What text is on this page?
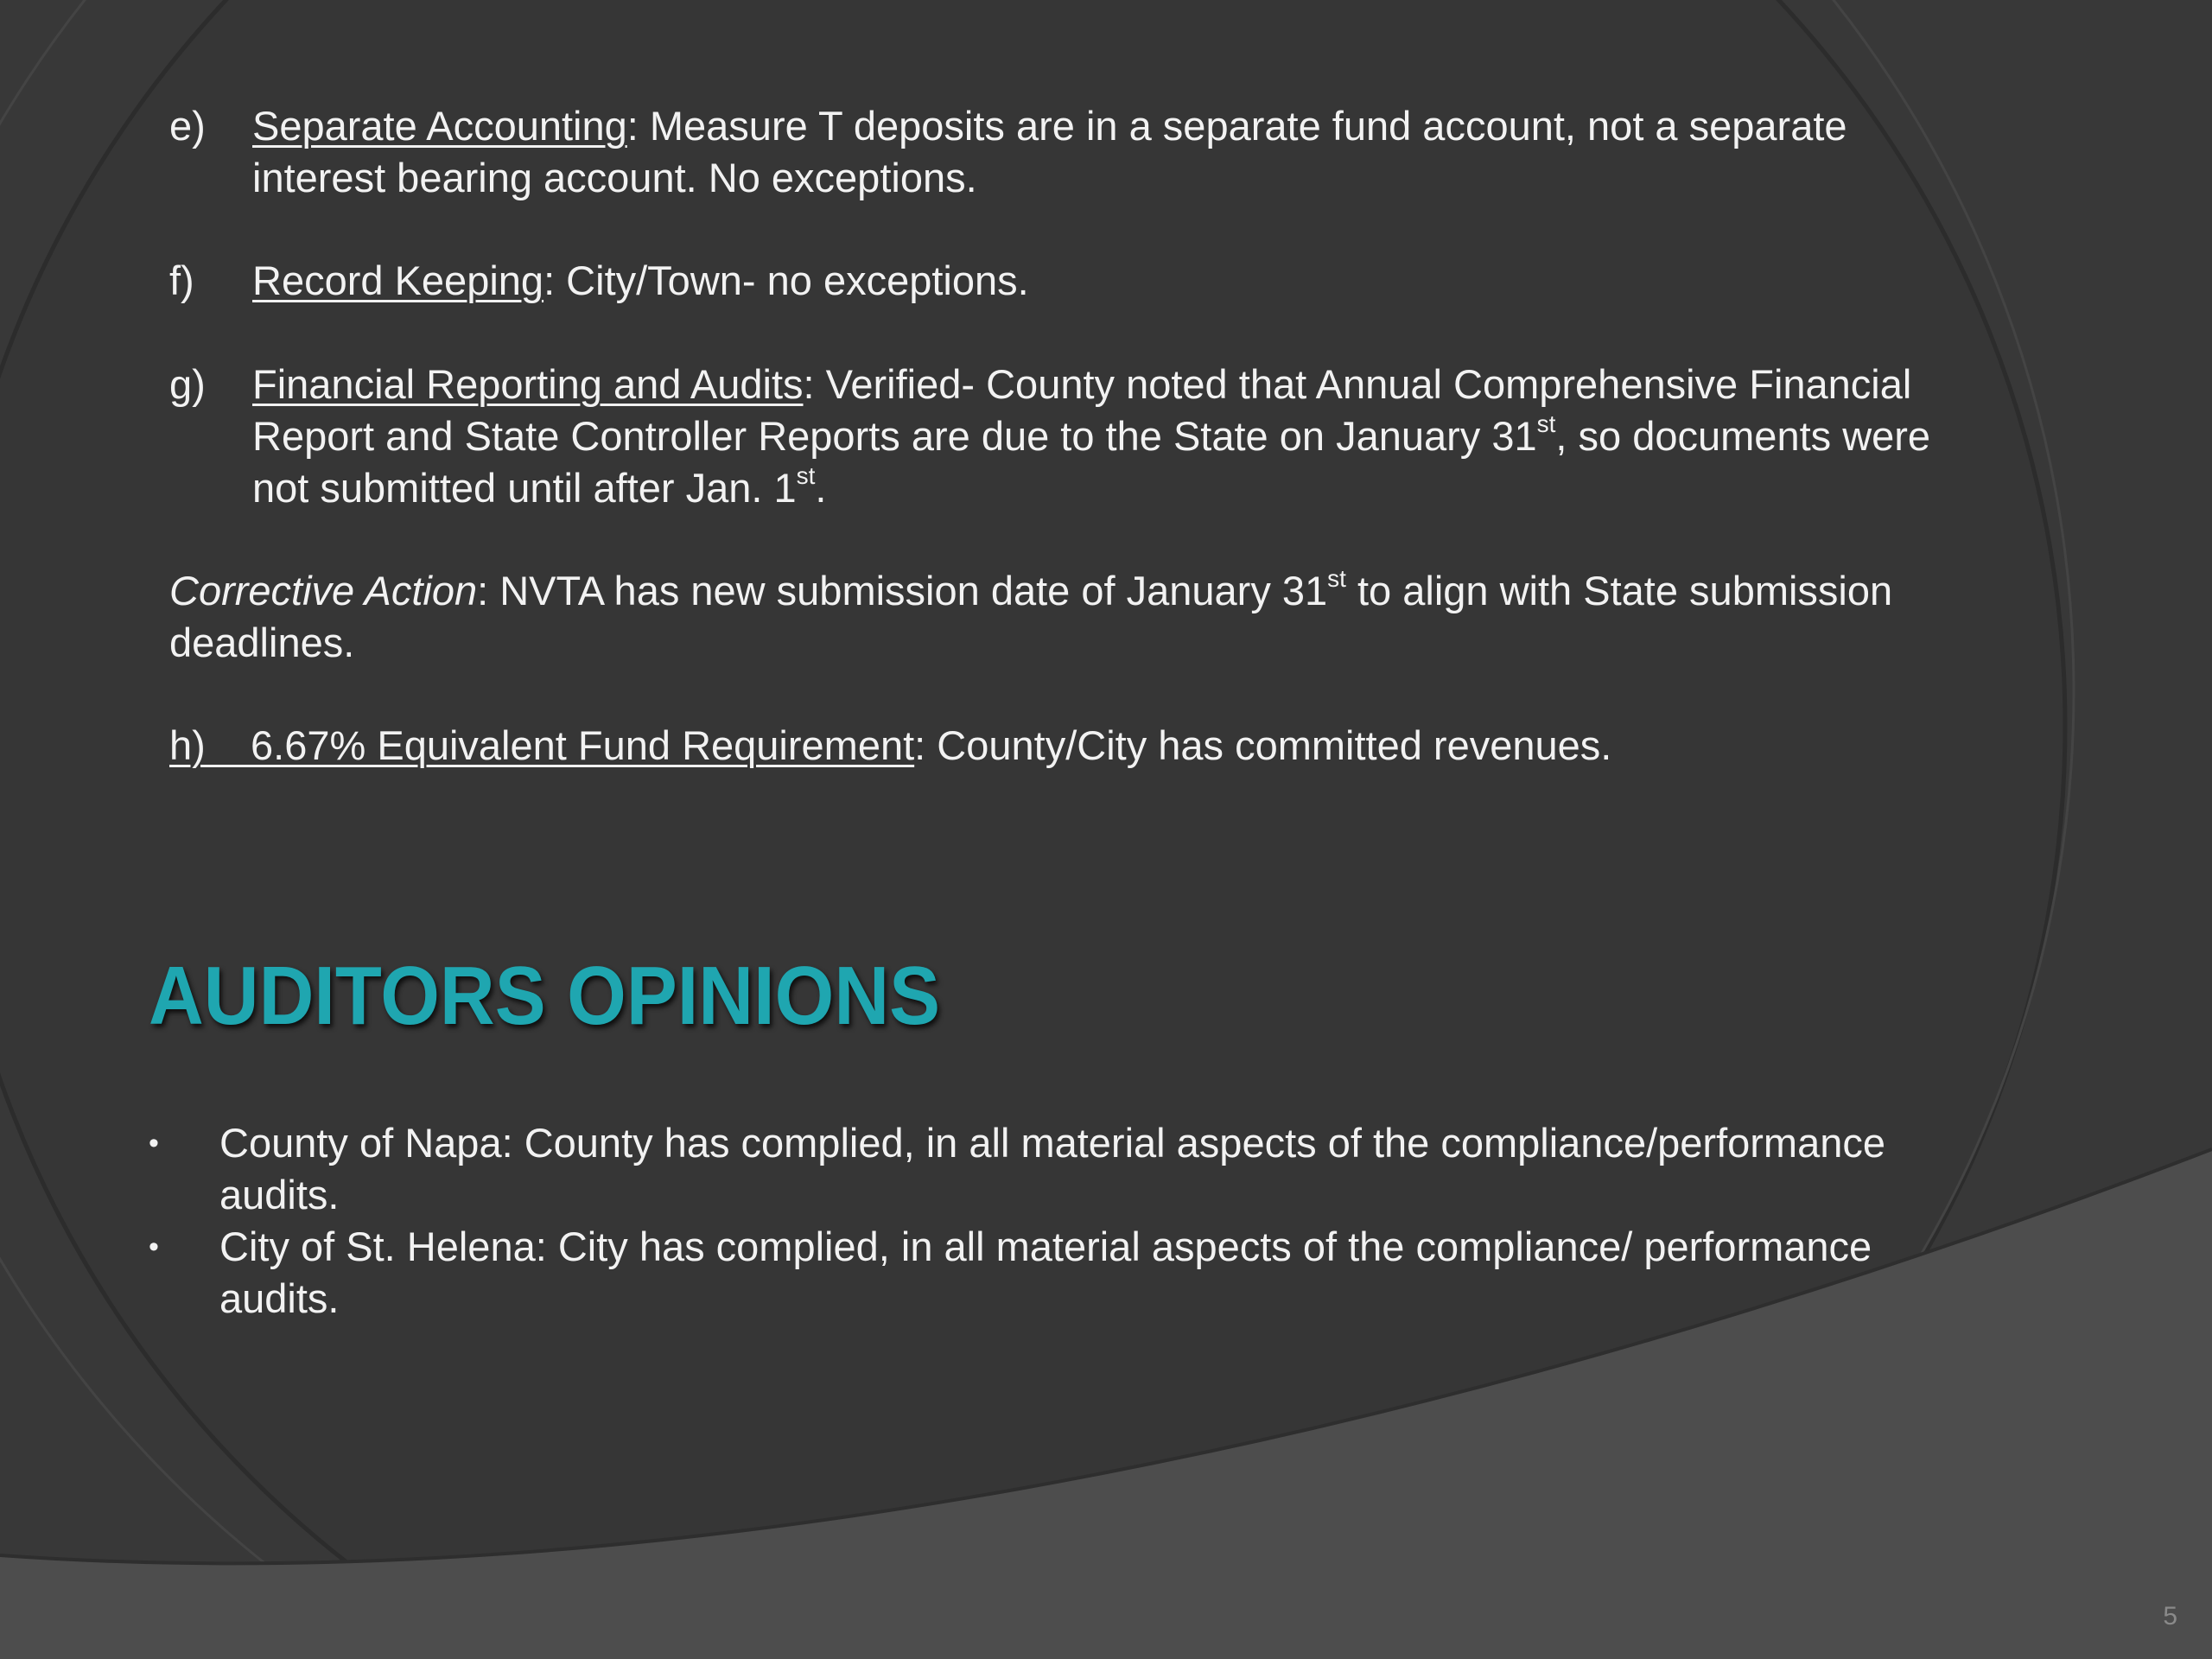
e) Separate Accounting: Measure T deposits are in a separate fund account, not a separate interest bearing account. No exceptions.
f) Record Keeping: City/Town- no exceptions.
g) Financial Reporting and Audits: Verified- County noted that Annual Comprehensive Financial Report and State Controller Reports are due to the State on January 31st, so documents were not submitted until after Jan. 1st.
Corrective Action: NVTA has new submission date of January 31st to align with State submission deadlines.
h)    6.67% Equivalent Fund Requirement: County/City has committed revenues.
AUDITORS OPINIONS
• County of Napa: County has complied, in all material aspects of the compliance/performance audits.
• City of St. Helena: City has complied, in all material aspects of the compliance/ performance audits.
5
